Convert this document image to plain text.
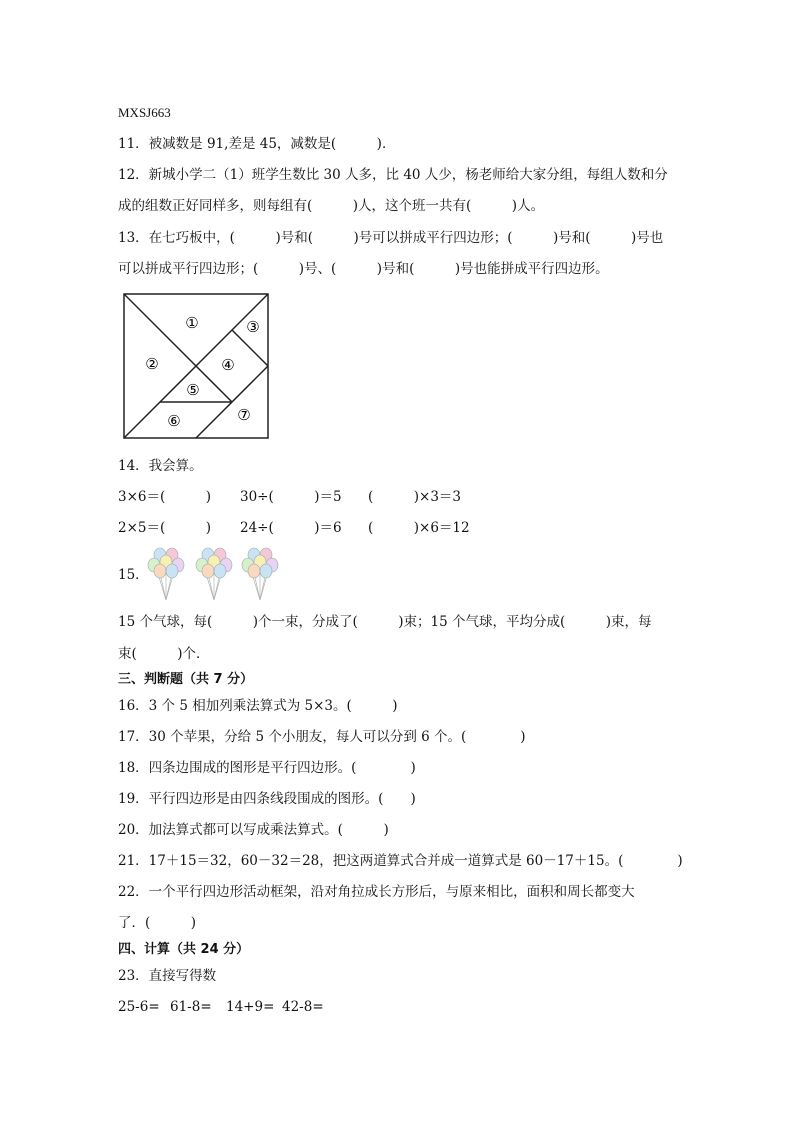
MXSJ663
11．被减数是 91,差是 45，减数是(　　　)．
12．新城小学二（1）班学生数比 30 人多，比 40 人少，杨老师给大家分组，每组人数和分
成的组数正好同样多，则每组有(　　　)人，这个班一共有(　　　)人。
13．在七巧板中，(　　　)号和(　　　)号可以拼成平行四边形；(　　　)号和(　　　)号也
可以拼成平行四边形；(　　　)号、(　　　)号和(　　　)号也能拼成平行四边形。
①
②
③
④
⑤
⑥	⑦
14．我会算。
3×6＝(　　　) 30÷(　　　)＝5 (　　　)×3＝3
2×5＝(　　　) 24÷(　　　)＝6 (　　　)×6＝12
15．
15 个气球，每(　　　)个一束，分成了(　　　)束；15 个气球，平均分成(　　　)束，每
束(　　　)个．
三、判断题（共 7 分）
16．3 个 5 相加列乘法算式为 5×3。(　　　)
17．30 个苹果，分给 5 个小朋友，每人可以分到 6 个。(　　　　)
18．四条边围成的图形是平行四边形。(　　　　)
19．平行四边形是由四条线段围成的图形。(　　)
20．加法算式都可以写成乘法算式。(　　　)
21．17＋15＝32，60－32＝28，把这两道算式合并成一道算式是 60－17＋15。(　　　　)
22．一个平行四边形活动框架，沿对角拉成长方形后，与原来相比，面积和周长都变大
了．(　　　)
四、计算（共 24 分）
23．直接写得数
25-6= 61-8= 14+9= 42-8=
